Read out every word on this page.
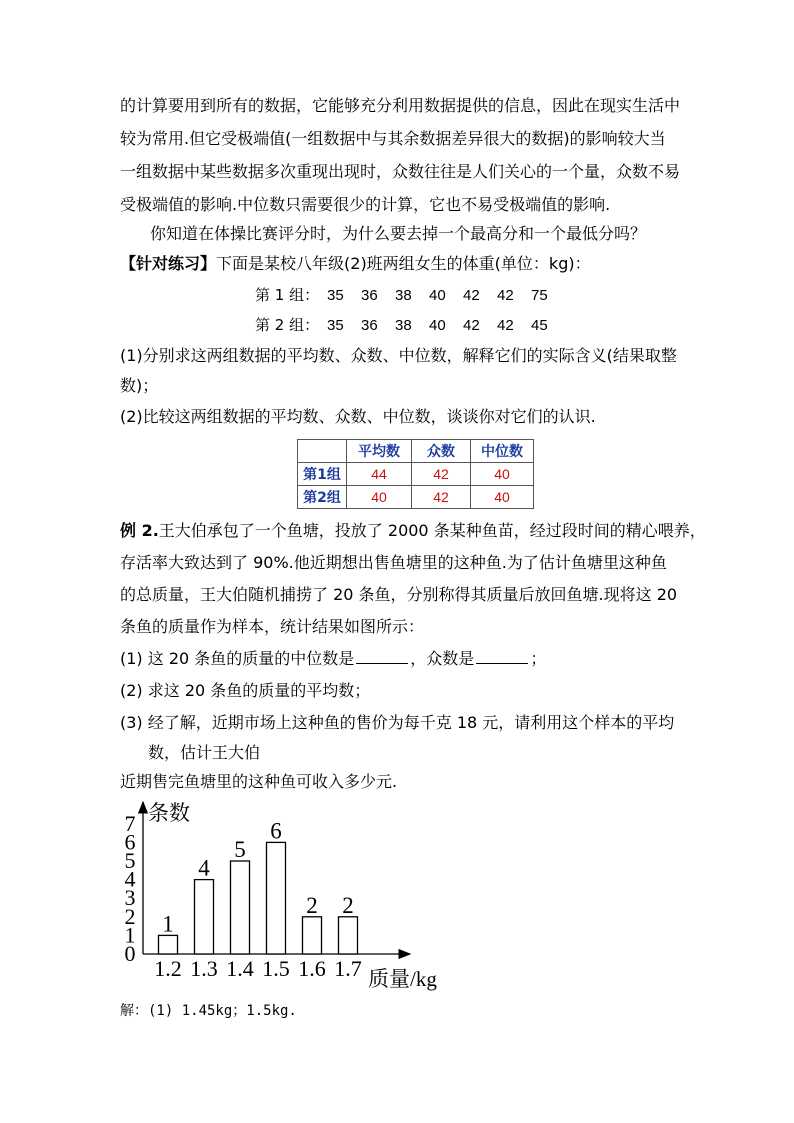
的计算要用到所有的数据，它能够充分利用数据提供的信息，因此在现实生活中
较为常用.但它受极端值(一组数据中与其余数据差异很大的数据)的影响较大当
一组数据中某些数据多次重现出现时，众数往往是人们关心的一个量，众数不易
受极端值的影响.中位数只需要很少的计算，它也不易受极端值的影响.
你知道在体操比赛评分时，为什么要去掉一个最高分和一个最低分吗？
【针对练习】下面是某校八年级(2)班两组女生的体重(单位：kg)：
第 1 组： 35 36 38 40 42 42 75
第 2 组： 35 36 38 40 42 42 45
(1)分别求这两组数据的平均数、众数、中位数，解释它们的实际含义(结果取整
数)；
(2)比较这两组数据的平均数、众数、中位数，谈谈你对它们的认识.
	平均数	众数	中位数
第1组	44	42	40
第2组	40	42	40
例 2.王大伯承包了一个鱼塘，投放了 2000 条某种鱼苗，经过段时间的精心喂养，
存活率大致达到了 90%.他近期想出售鱼塘里的这种鱼.为了估计鱼塘里这种鱼
的总质量，王大伯随机捕捞了 20 条鱼，分别称得其质量后放回鱼塘.现将这 20
条鱼的质量作为样本，统计结果如图所示：
(1) 这 20 条鱼的质量的中位数是	，众数是	；
(2) 求这 20 条鱼的质量的平均数；
(3) 经了解，近期市场上这种鱼的售价为每千克 18 元，请利用这个样本的平均
数，估计王大伯
近期售完鱼塘里的这种鱼可收入多少元.
条数
质量/kg
0
1
2
3
4
5
6
7
1.2 1.3 1.4 1.5 1.6 1.7
1
4
5
6
2 2
解：(1) 1.45kg；1.5kg.
